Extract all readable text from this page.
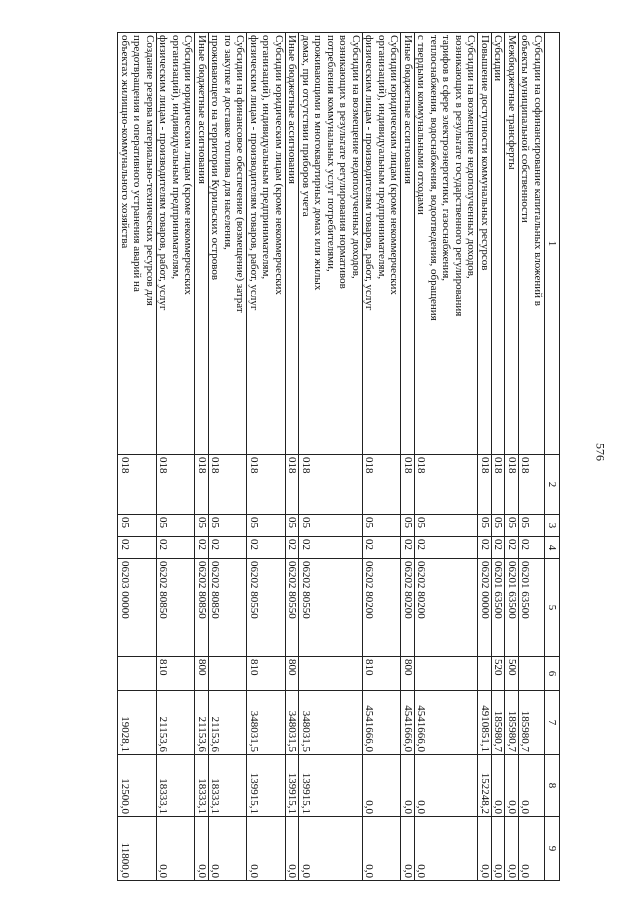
576
1	2	3	4	5	6	7	8	9
Субсидии на софинансирование капитальных вложений в
объекты муниципальной собственности	018	05	02	06201 63500		185980,7	0,0	0,0
Межбюджетные трансферты	018	05	02	06201 63500	500	185980,7	0,0	0,0
Субсидии	018	05	02	06201 63500	520	185980,7	0,0	0,0
Повышение доступности коммунальных ресурсов	018	05	02	06202 00000		4910851,1	152248,2	0,0
Субсидии на возмещение недополученных доходов,
возникающих в результате государственного регулирования
тарифов в сфере электроэнергетики, газоснабжения,
теплоснабжения, водоснабжения, водоотведения, обращения
с твердыми коммунальными отходами	018	05	02	06202 80200		4541666,0	0,0	0,0
Иные бюджетные ассигнования	018	05	02	06202 80200	800	4541666,0	0,0	0,0
Субсидии юридическим лицам (кроме некоммерческих
организаций), индивидуальным предпринимателям,
физическим лицам - производителям товаров, работ, услуг	018	05	02	06202 80200	810	4541666,0	0,0	0,0
Субсидии на возмещение недополученных доходов,
возникающих в результате регулирования нормативов
потребления коммунальных услуг потребителями,
проживающими в многоквартирных домах или жилых
домах, при отсутствии приборов учета	018	05	02	06202 80550		348031,5	139915,1	0,0
Иные бюджетные ассигнования	018	05	02	06202 80550	800	348031,5	139915,1	0,0
Субсидии юридическим лицам (кроме некоммерческих
организаций), индивидуальным предпринимателям,
физическим лицам - производителям товаров, работ, услуг	018	05	02	06202 80550	810	348031,5	139915,1	0,0
Субсидии на финансовое обеспечение (возмещение) затрат
по закупке и доставке топлива для населения,
проживающего на территории Курильских островов	018	05	02	06202 80850		21153,6	18333,1	0,0
Иные бюджетные ассигнования	018	05	02	06202 80850	800	21153,6	18333,1	0,0
Субсидии юридическим лицам (кроме некоммерческих
организаций), индивидуальным предпринимателям,
физическим лицам - производителям товаров, работ, услуг	018	05	02	06202 80850	810	21153,6	18333,1	0,0
Создание резерва материально-технических ресурсов для
предотвращения и оперативного устранения аварий на
объектах жилищно-коммунального хозяйства	018	05	02	06203 00000		19028,1	12500,0	11800,0
